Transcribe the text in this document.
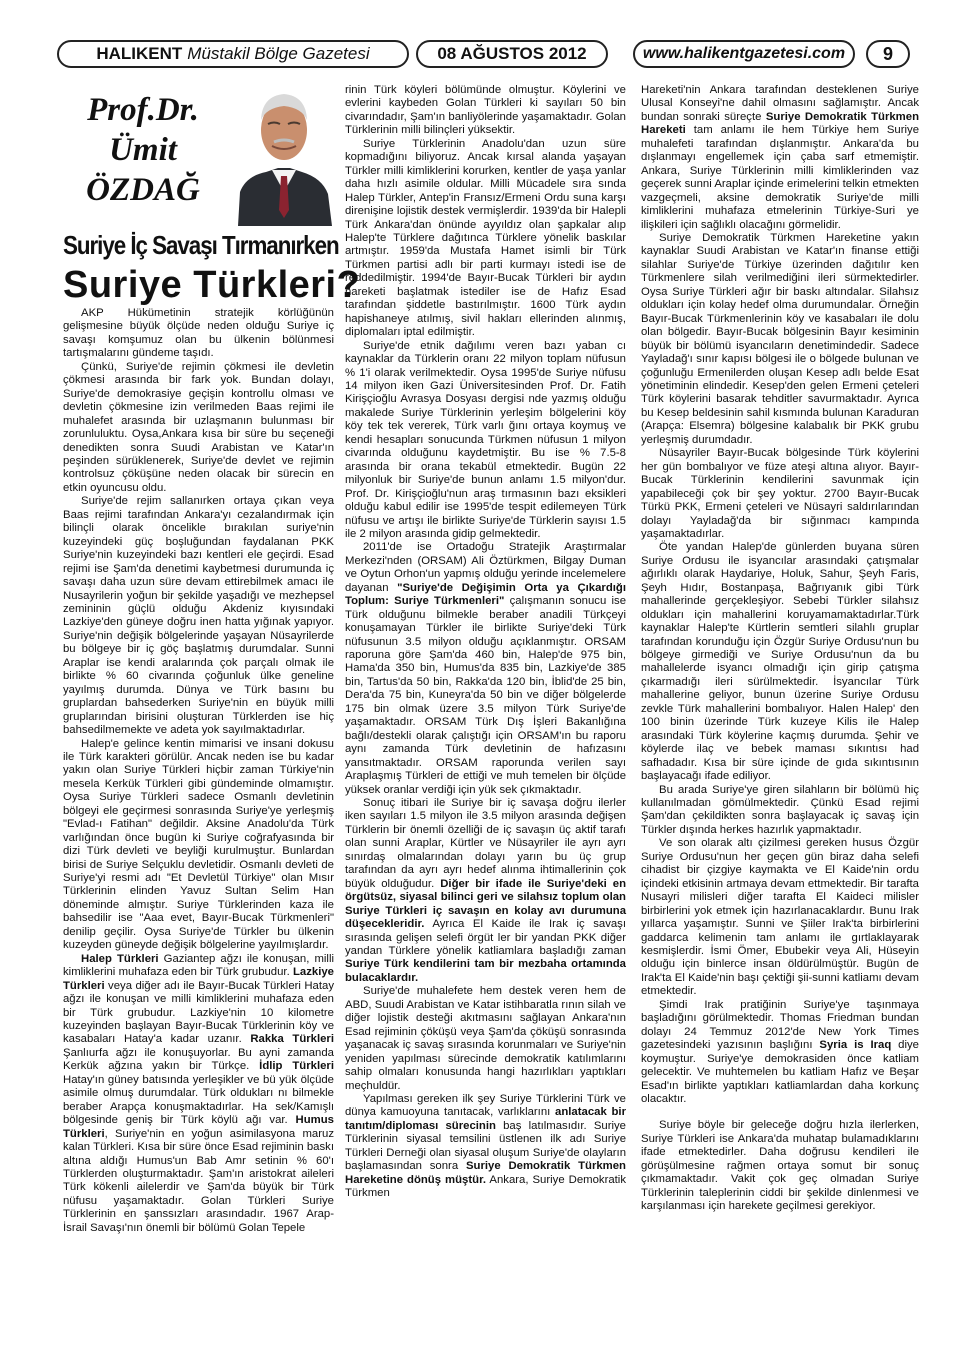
HALIKENT Müstakil Bölge Gazetesi	08 AĞUSTOS 2012	www.halikentgazetesi.com	9
Prof.Dr.
Ümit
ÖZDAĞ
Suriye İç Savaşı Tırmanırken
Suriye Türkleri?

AKP Hükümetinin stratejik körlüğünün gelişmesine büyük ölçüde neden olduğu Suriye iç savaşı komşumuz olan bu ülkenin bölünmesi tartışmalarını gündeme taşıdı.

Çünkü, Suriye'de rejimin çökmesi ile devletin çökmesi arasında bir fark yok. Bundan dolayı, Suriye'de demokrasiye geçişin kontrollu olması ve devletin çökmesine izin verilmeden Baas rejimi ile muhalefet arasında bir uzlaşmanın bulunması bir zorunluluktu. Oysa,Ankara kısa bir süre bu seçeneği denedikten sonra Suudi Arabistan ve Katar'ın peşinden sürüklenerek, Suriye'de devlet ve rejimin kontrolsuz çöküşüne neden olacak bir sürecin en etkin oyuncusu oldu.

Suriye'de rejim sallanırken ortaya çıkan veya Baas rejimi tarafından Ankara'yı cezalandırmak için bilinçli olarak öncelikle bırakılan suriye'nin kuzeyindeki güç boşluğundan faydalanan PKK Suriye'nin kuzeyindeki bazı kentleri ele geçirdi. Esad rejimi ise Şam'da denetimi kaybetmesi durumunda iç savaşı daha uzun süre devam ettirebilmek amacı ile Nusayrilerin yoğun bir şekilde yaşadığı ve mezhepsel zemininin güçlü olduğu Akdeniz kıyısındaki Lazkiye'den güneye doğru inen hatta yığınak yapıyor. Suriye'nin değişik bölgelerinde yaşayan Nüsayrilerde bu bölgeye bir iç göç başlatmış durumdalar. Sunni Araplar ise kendi aralarında çok parçalı olmak ile birlikte % 60 civarında çoğunluk ülke geneline yayılmış durumda. Dünya ve Türk basını bu gruplardan bahsederken Suriye'nin en büyük milli gruplarından birisini oluşturan Türklerden ise hiç bahsedilmemekte ve adeta yok sayılmaktadırlar.

Halep'e gelince kentin mimarisi ve insani dokusu ile Türk karakteri görülür. Ancak neden ise bu kadar yakın olan Suriye Türkleri hiçbir zaman Türkiye'nin mesela Kerkük Türkleri gibi gündeminde olmamıştır. Oysa Suriye Türkleri sadece Osmanlı devletinin bölgeyi ele geçirmesi sonrasında Suriye'ye yerleşmiş "Evlad-ı Fatihan" değildir. Aksine Anadolu'da Türk varlığından önce bugün ki Suriye coğrafyasında bir dizi Türk devleti ve beyliği kurulmuştur. Bunlardan birisi de Suriye Selçuklu devletidir. Osmanlı devleti de Suriye'yi resmi adı "Et Devletül Türkiye" olan Mısır Türklerinin elinden Yavuz Sultan Selim Han döneminde almıştır. Suriye Türklerinden kaza ile bahsedilir ise "Aaa evet, Bayır-Bucak Türkmenleri" denilip geçilir. Oysa Suriye'de Türkler bu ülkenin kuzeyden güneyde değişik bölgelerine yayılmışlardır.

Halep Türkleri Gaziantep ağzı ile konuşan, milli kimliklerini muhafaza eden bir Türk grubudur. Lazkiye Türkleri veya diğer adı ile Bayır-Bucak Türkleri Hatay ağzı ile konuşan ve milli kimliklerini muhafaza eden bir Türk grubudur. Lazkiye'nin 10 kilometre kuzeyinden başlayan Bayır-Bucak Türklerinin köy ve kasabaları Hatay'a kadar uzanır. Rakka Türkleri Şanlıurfa ağzı ile konuşuyorlar. Bu ayni zamanda Kerkük ağzına yakın bir Türkçe. İdlip Türkleri Hatay'ın güney batısında yerleşikler ve bü yük ölçüde asimile olmuş durumdalar. Türk oldukları nı bilmekle beraber Arapça konuşmaktadırlar. Ha sek/Kamışlı bölgesinde geniş bir Türk köylü ağı var. Humus Türkleri, Suriye'nin en yoğun asimilasyona maruz kalan Türkleri. Kısa bir süre önce Esad rejiminin baskı altına aldığı Humus'un Bab Amr setinin % 60'ı Türklerden oluşturmaktadır. Şam'ın aristokrat aileleri Türk kökenli ailelerdir ve Şam'da büyük bir Türk nüfusu yaşamaktadır. Golan Türkleri Suriye Türklerinin en şanssızları arasındadır. 1967 Arap-İsrail Savaşı'nın önemli bir bölümü Golan Tepele

rinin Türk köyleri bölümünde olmuştur. Köylerini ve evlerini kaybeden Golan Türkleri ki sayıları 50 bin civarındadır, Şam'ın banliyölerinde yaşamaktadır. Golan Türklerinin milli bilinçleri yüksektir.

Suriye Türklerinin Anadolu'dan uzun süre kopmadığını biliyoruz. Ancak kırsal alanda yaşayan Türkler milli kimliklerini korurken, kentler de yaşa yanlar daha hızlı asimile oldular. Milli Mücadele sıra sında Halep Türkler, Antep'in Fransız/Ermeni Ordu suna karşı direnişine lojistik destek vermişlerdir. 1939'da bir Halepli Türk Ankara'dan önünde ayyıldız olan şapkalar alıp Halep'te Türklere dağıtınca Türklere yönelik baskılar artmıştır. 1959'da Mustafa Hamet isimli bir Türk Türkmen partisi adlı bir parti kurmayı istedi ise de reddedilmiştir. 1994'de Bayır-Bucak Türkleri bir aydın hareketi başlatmak istediler ise de Hafız Esad tarafından şiddetle bastırılmıştır. 1600 Türk aydın hapishaneye atılmış, sivil hakları ellerinden alınmış, diplomaları iptal edilmiştir.

Suriye'de etnik dağılımı veren bazı yaban cı kaynaklar da Türklerin oranı 22 milyon toplam nüfusun % 1'i olarak verilmektedir. Oysa 1995'de Suriye nüfusu 14 milyon iken Gazi Üniversitesinden Prof. Dr. Fatih Kirişçioğlu Avrasya Dosyası dergisi nde yazmış olduğu makalede Suriye Türklerinin yerleşim bölgelerini köy köy tek tek vererek, Türk varlı ğını ortaya koymuş ve kendi hesapları sonucunda Türkmen nüfusun 1 milyon civarında olduğunu kaydetmiştir. Bu ise % 7.5-8 arasında bir orana tekabül etmektedir. Bugün 22 milyonluk bir Suriye'de bunun anlamı 1.5 milyon'dur. Prof. Dr. Kirişçioğlu'nun araş tırmasının bazı eksikleri olduğu kabul edilir ise 1995'de tespit edilemeyen Türk nüfusu ve artışı ile birlikte Suriye'de Türklerin sayısı 1.5 ile 2 milyon arasında gidip gelmektedir.

2011'de ise Ortadoğu Stratejik Araştırmalar Merkezi'nden (ORSAM) Ali Öztürkmen, Bilgay Duman ve Oytun Orhon'un yapmış olduğu yerinde incelemelere dayanan "Suriye'de Değişimin Orta ya Çıkardığı Toplum: Suriye Türkmenleri" çalışmanın sonucu ise Türk olduğunu bilmekle beraber anadili Türkçeyi konuşamayan Türkler ile birlikte Suriye'deki Türk nüfusunun 3.5 milyon olduğu açıklanmıştır. ORSAM raporuna göre Şam'da 460 bin, Halep'de 975 bin, Hama'da 350 bin, Humus'da 835 bin, Lazkiye'de 385 bin, Tartus'da 50 bin, Rakka'da 120 bin, İblid'de 25 bin, Dera'da 75 bin, Kuneyra'da 50 bin ve diğer bölgelerde 175 bin olmak üzere 3.5 milyon Türk Suriye'de yaşamaktadır. ORSAM Türk Dış İşleri Bakanlığına bağlı/destekli olarak çalıştığı için ORSAM'ın bu raporu aynı zamanda Türk devletinin de hafızasını yansıtmaktadır. ORSAM raporunda verilen sayı Araplaşmış Türkleri de ettiği ve muh temelen bir ölçüde yüksek oranlar verdiği için yük sek çıkmaktadır.

Sonuç itibari ile Suriye bir iç savaşa doğru ilerler iken sayıları 1.5 milyon ile 3.5 milyon arasında değişen Türklerin bir önemli özelliği de iç savaşın üç aktif tarafı olan sunni Araplar, Kürtler ve Nüsayriler ile ayrı ayrı sınırdaş olmalarından dolayı yarın bu üç grup tarafından da ayrı ayrı hedef alınma ihtimallerinin çok büyük olduğudur. Diğer bir ifade ile Suriye'deki en örgütsüz, siyasal bilinci geri ve silahsız toplum olan Suriye Türkleri iç savaşın en kolay avı durumuna düşecekleridir. Ayrıca El Kaide ile Irak iç savaşı sırasında gelişen selefi örgüt ler bir yandan PKK diğer yandan Türklere yönelik katliamlara başladığı zaman Suriye Türk kendilerini tam bir mezbaha ortamında bulacaklardır.

Suriye'de muhalefete hem destek veren hem de ABD, Suudi Arabistan ve Katar istihbaratla rının silah ve diğer lojistik desteği akıtmasını sağlayan Ankara'nın Esad rejiminin çöküşü veya Şam'da çöküşü sonrasında yaşanacak iç savaş sırasında korunmaları ve Suriye'nin yeniden yapılması sürecinde demokratik katılımlarını sahip olmaları konusunda hangi hazırlıkları yaptıkları meçhuldür.

Yapılması gereken ilk şey Suriye Türklerini Türk ve dünya kamuoyuna tanıtacak, varlıklarını anlatacak bir tanıtım/diploması sürecinin baş latılmasıdır. Suriye Türklerinin siyasal temsilini üstlenen ilk adı Suriye Türkleri Derneği olan siyasal oluşum Suriye'de olayların başlamasından sonra Suriye Demokratik Türkmen Hareketine dönüş müştür. Ankara, Suriye Demokratik Türkmen

Hareketi'nin Ankara tarafından desteklenen Suriye Ulusal Konseyi'ne dahil olmasını sağlamıştır. Ancak bundan sonraki süreçte Suriye Demokratik Türkmen Hareketi tam anlamı ile hem Türkiye hem Suriye muhalefeti tarafından dışlanmıştır. Ankara'da bu dışlanmayı engellemek için çaba sarf etmemiştir. Ankara, Suriye Türklerinin milli kimliklerinden vaz geçerek sunni Araplar içinde erimelerini telkin etmekten vazgeçmeli, aksine demokratik Suriye'de milli kimliklerini muhafaza etmelerinin Türkiye-Suri ye ilişkileri için sağlıklı olacağını görmelidir.

Suriye Demokratik Türkmen Hareketine yakın kaynaklar Suudi Arabistan ve Katar'ın finanse ettiği silahlar Suriye'de Türkiye üzerinden dağıtılır ken Türkmenlere silah verilmediğini ileri sürmektedirler. Oysa Suriye Türkleri ağır bir baskı altındalar. Silahsız oldukları için kolay hedef olma durumundalar. Örneğin Bayır-Bucak Türkmenlerinin köy ve kasabaları ile dolu olan bölgedir. Bayır-Bucak bölgesinin Bayır kesiminin büyük bir bölümü isyancıların denetimindedir. Sadece Yayladağ'ı sınır kapısı bölgesi ile o bölgede bulunan ve çoğunluğu Ermenilerden oluşan Kesep adlı belde Esat yönetiminin elindedir. Kesep'den gelen Ermeni çeteleri Türk köylerini basarak tehditler savurmaktadır. Ayrıca bu Kesep beldesinin sahil kısmında bulunan Karaduran (Arapça: Elsemra) bölgesine kalabalık bir PKK grubu yerleşmiş durumdadır.

Nüsayriler Bayır-Bucak bölgesinde Türk köylerini her gün bombalıyor ve füze ateşi altına alıyor. Bayır-Bucak Türklerinin kendilerini savunmak için yapabileceği çok bir şey yoktur. 2700 Bayır-Bucak Türkü PKK, Ermeni çeteleri ve Nüsayri saldırılarından dolayı Yayladağ'da bir sığınmacı kampında yaşamaktadırlar.

Öte yandan Halep'de günlerden buyana süren Suriye Ordusu ile isyancılar arasındaki çatışmalar ağırlıklı olarak Haydariye, Holuk, Sahur, Şeyh Faris, Şeyh Hıdır, Bostanpaşa, Bağrıyanık gibi Türk mahallerinde gerçekleşiyor. Sebebi Türkler silahsız oldukları için mahallerini koruyamamaktadırlar.Türk kaynaklar Halep'te Kürtlerin semtleri silahlı gruplar tarafından korunduğu için Özgür Suriye Ordusu'nun bu bölgeye girmediği ve Suriye Ordusu'nun da bu mahallelerde isyancı olmadığı için girip çatışma çıkarmadığı ileri sürülmektedir. İsyancılar Türk mahallerine geliyor, bunun üzerine Suriye Ordusu zevkle Türk mahallerini bombalıyor. Halen Halep' den 100 binin üzerinde Türk kuzeye Kilis ile Halep arasındaki Türk köylerine kaçmış durumda. Şehir ve köylerde ilaç ve bebek maması sıkıntısı had safhadadır. Kısa bir süre içinde de gıda sıkıntısının başlayacağı ifade ediliyor.

Bu arada Suriye'ye giren silahların bir bölümü hiç kullanılmadan gömülmektedir. Çünkü Esad rejimi Şam'dan çekildikten sonra başlayacak iç savaş için Türkler dışında herkes hazırlık yapmaktadır.

Ve son olarak altı çizilmesi gereken husus Özgür Suriye Ordusu'nun her geçen gün biraz daha selefi cihadist bir çizgiye kaymakta ve El Kaide'nin ordu içindeki etkisinin artmaya devam ettmektedir. Bir tarafta Nusayri milisleri diğer tarafta El Kaideci milisler birbirlerini yok etmek için hazırlanacaklardır. Bunu Irak yıllarca yaşamıştır. Sunni ve Şiiler Irak'ta birbirlerini gaddarca kelimenin tam anlamı ile gırtlaklayarak kesmişlerdir. İsmi Ömer, Ebubekir veya Ali, Hüseyin olduğu için binlerce insan öldürülmüştür. Bugün de Irak'ta El Kaide'nin başı çektiği şii-sunni katliamı devam etmektedir.

Şimdi Irak pratiğinin Suriye'ye taşınmaya başladığını görülmektedir. Thomas Friedman bundan dolayı 24 Temmuz 2012'de New York Times gazetesindeki yazısının başlığını Syria is Iraq diye koymuştur. Suriye'ye demokrasiden önce katliam gelecektir. Ve muhtemelen bu katliam Hafız ve Beşar Esad'ın birlikte yaptıkları katliamlardan daha korkunç olacaktır.

Suriye böyle bir geleceğe doğru hızla ilerlerken, Suriye Türkleri ise Ankara'da muhatap bulamadıklarını ifade etmektedirler. Daha doğrusu kendileri ile görüşülmesine rağmen ortaya somut bir sonuç çıkmamaktadır. Vakit çok geç olmadan Suriye Türklerinin taleplerinin ciddi bir şekilde dinlenmesi ve karşılanması için harekete geçilmesi gerekiyor.
